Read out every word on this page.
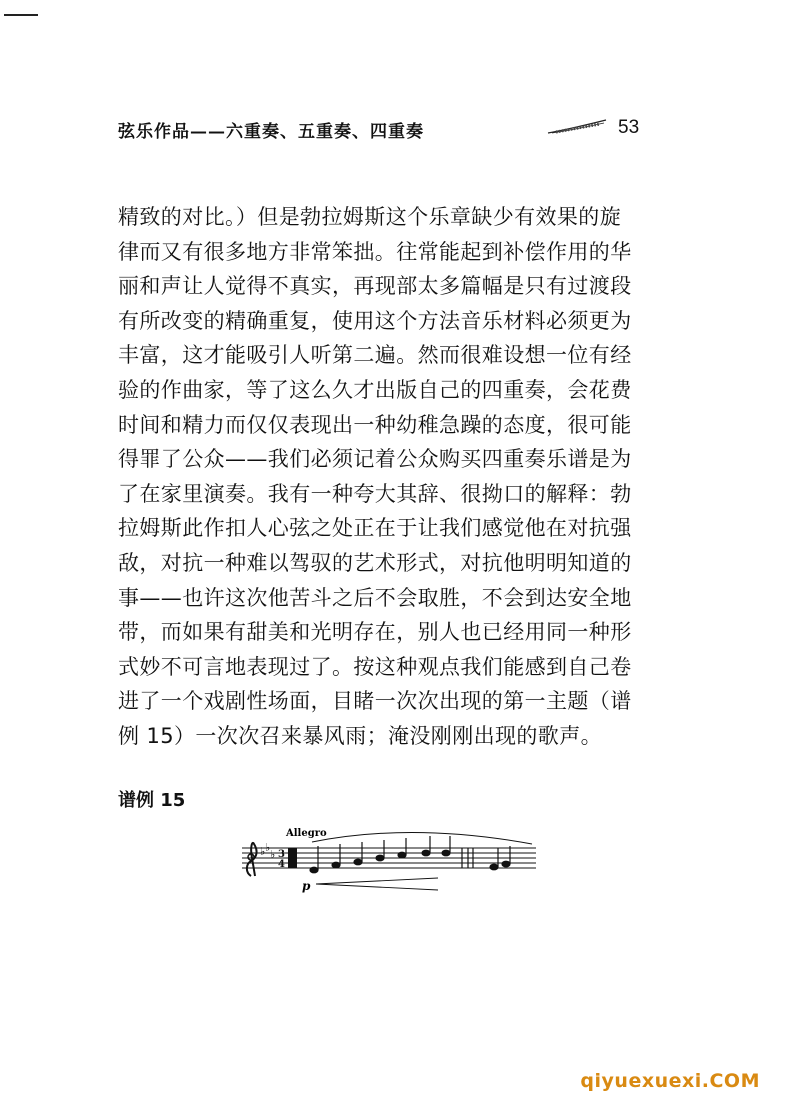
弦乐作品——六重奏、五重奏、四重奏	53
精致的对比。）但是勃拉姆斯这个乐章缺少有效果的旋
律而又有很多地方非常笨拙。往常能起到补偿作用的华
丽和声让人觉得不真实，再现部太多篇幅是只有过渡段
有所改变的精确重复，使用这个方法音乐材料必须更为
丰富，这才能吸引人听第二遍。然而很难设想一位有经
验的作曲家，等了这么久才出版自己的四重奏，会花费
时间和精力而仅仅表现出一种幼稚急躁的态度，很可能
得罪了公众——我们必须记着公众购买四重奏乐谱是为
了在家里演奏。我有一种夸大其辞、很拗口的解释：勃
拉姆斯此作扣人心弦之处正在于让我们感觉他在对抗强
敌，对抗一种难以驾驭的艺术形式，对抗他明明知道的
事——也许这次他苦斗之后不会取胜，不会到达安全地
带，而如果有甜美和光明存在，别人也已经用同一种形
式妙不可言地表现过了。按这种观点我们能感到自己卷
进了一个戏剧性场面，目睹一次次出现的第一主题（谱
例 15）一次次召来暴风雨；淹没刚刚出现的歌声。
谱例 15
Allegro
♭ ♭
♭ 3
4
p
qiyuexuexi.COM
